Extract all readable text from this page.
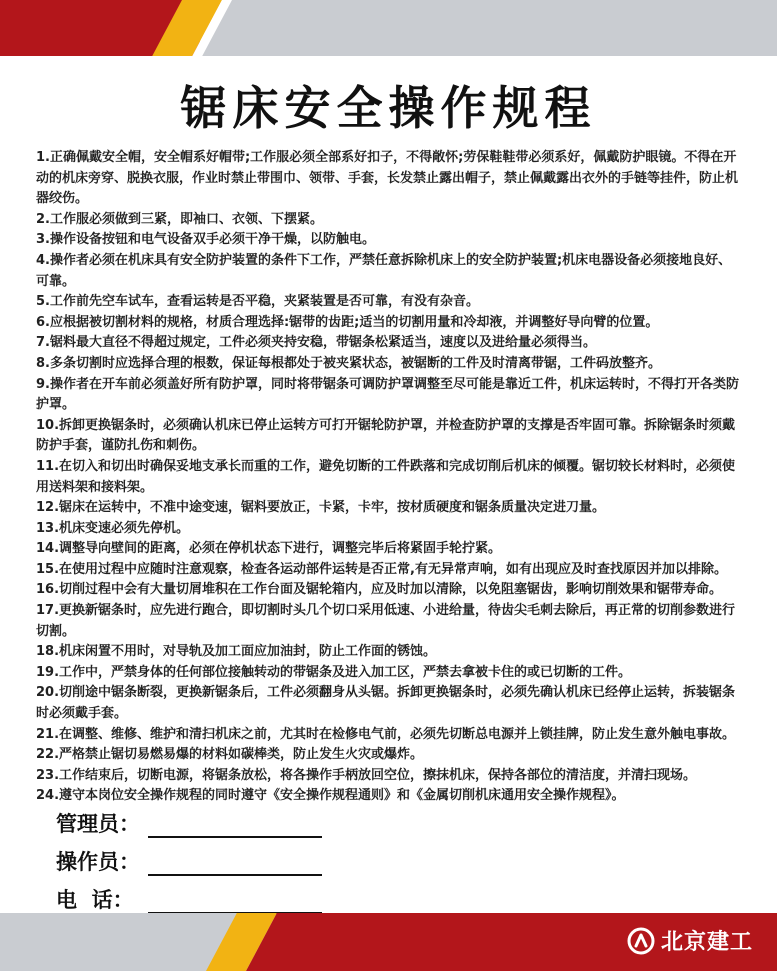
锯床安全操作规程
1.正确佩戴安全帽，安全帽系好帽带;工作服必须全部系好扣子，不得敞怀;劳保鞋鞋带必须系好，佩戴防护眼镜。不得在开动的机床旁穿、脱换衣服，作业时禁止带围巾、领带、手套，长发禁止露出帽子，禁止佩戴露出衣外的手链等挂件，防止机器绞伤。
2.工作服必须做到三紧，即袖口、衣领、下摆紧。
3.操作设备按钮和电气设备双手必须干净干燥，以防触电。
4.操作者必须在机床具有安全防护装置的条件下工作，严禁任意拆除机床上的安全防护装置;机床电器设备必须接地良好、可靠。
5.工作前先空车试车，查看运转是否平稳，夹紧装置是否可靠，有没有杂音。
6.应根据被切割材料的规格，材质合理选择:锯带的齿距;适当的切割用量和冷却液，并调整好导向臂的位置。
7.锯料最大直径不得超过规定，工件必须夹持安稳，带锯条松紧适当，速度以及进给量必须得当。
8.多条切割时应选择合理的根数，保证每根都处于被夹紧状态，被锯断的工件及时清离带锯，工件码放整齐。
9.操作者在开车前必须盖好所有防护罩，同时将带锯条可调防护罩调整至尽可能是靠近工件，机床运转时，不得打开各类防护罩。
10.拆卸更换锯条时，必须确认机床已停止运转方可打开锯轮防护罩，并检查防护罩的支撑是否牢固可靠。拆除锯条时须戴防护手套，谨防扎伤和刺伤。
11.在切入和切出时确保妥地支承长而重的工作，避免切断的工件跌落和完成切削后机床的倾覆。锯切较长材料时，必须使用送料架和接料架。
12.锯床在运转中，不准中途变速，锯料要放正，卡紧，卡牢，按材质硬度和锯条质量决定进刀量。
13.机床变速必须先停机。
14.调整导向壁间的距离，必须在停机状态下进行，调整完毕后将紧固手轮拧紧。
15.在使用过程中应随时注意观察，检查各运动部件运转是否正常,有无异常声响，如有出现应及时查找原因并加以排除。
16.切削过程中会有大量切屑堆积在工作台面及锯轮箱内，应及时加以清除，以免阻塞锯齿，影响切削效果和锯带寿命。
17.更换新锯条时，应先进行跑合，即切割时头几个切口采用低速、小进给量，待齿尖毛刺去除后，再正常的切削参数进行切割。
18.机床闲置不用时，对导轨及加工面应加油封，防止工作面的锈蚀。
19.工作中，严禁身体的任何部位接触转动的带锯条及进入加工区，严禁去拿被卡住的或已切断的工件。
20.切削途中锯条断裂，更换新锯条后，工件必须翻身从头锯。拆卸更换锯条时，必须先确认机床已经停止运转，拆装锯条时必须戴手套。
21.在调整、维修、维护和清扫机床之前，尤其时在检修电气前，必须先切断总电源并上锁挂牌，防止发生意外触电事故。
22.严格禁止锯切易燃易爆的材料如碳棒类，防止发生火灾或爆炸。
23.工作结束后，切断电源，将锯条放松，将各操作手柄放回空位，擦抹机床，保持各部位的清洁度，并清扫现场。
24.遵守本岗位安全操作规程的同时遵守《安全操作规程通则》和《金属切削机床通用安全操作规程》。
管理员：
操作员：
电  话：
北京建工
